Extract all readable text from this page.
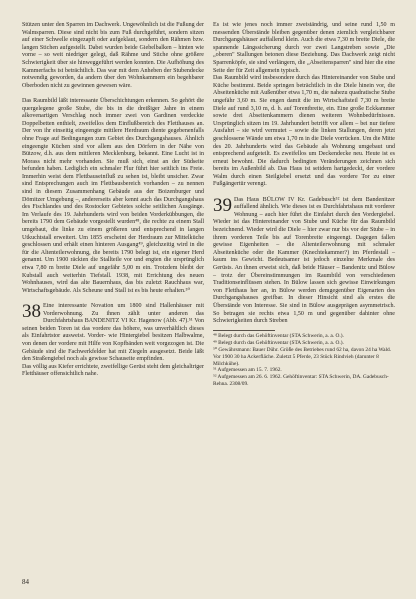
Stützen unter den Sparren im Dachwerk. Ungewöhnlich ist die Fußung der Walmsparren. Diese sind nicht bis zum Fuß durchgeführt, sondern sitzen auf einer Schwelle eingezapft oder aufgeklaut, sondern den Rähmen bzw. langen Stichen aufgestellt. Dabei wurden beide Giebelbalken – hinten wie vorne – so weit niedriger gelegt, daß Rähme und Stiche ohne größere Schwierigkeit über sie hinweggeführt werden konnten. Die Aufhöhung des Kammerfachs ist beträchtlich. Das war mit dem Anheben der Stubendecke notwendig geworden, da andern über den Wohnkammern ein begehbarer Oberboden nicht zu gewinnen gewesen wäre.

Das Raumbild läßt interessante Überschichtungen erkennen. So gehört die quergelegene große Stube, die bis in die dreißiger Jahre in einem alkovenartigen Verschlag noch immer zwei von Gardinen verdeckte Doppelbetten enthielt, zweifellos dem Einflußbereich des Fletthauses an. Der von ihr einseitig eingeengte mittlere Herdraum diente gegebenenfalls ohne Frage auf Bedingungen zum Gebiet des Durchgangshauses. Ähnlich eingeengte Küchen sind vor allem aus den Dörfern in der Nähe von Bützow, d.h. aus dem mittleren Mecklenburg, bekannt. Eine Lucht ist in Morass nicht mehr vorhanden. Sie muß sich, einst an der Südseite befunden haben. Lediglich ein schmaler Flur führt hier seitlich ins Freie. Immerhin weist dem Flettbauseinfluß zu sehen ist, bleibt unsicher. Zwar sind Entsprechungen auch im Flettbausbereich vorhanden – zu nennen sind in diesem Zusammenhang Gebäude aus der Boizenburger und Dömitzer Umgebung –, andererseits aber kennt auch das Durchgangshaus des Fischlandes und des Rostocker Gebietes solche seitlichen Ausgänge. Im Verlaufe des 19. Jahrhunderts wird von beiden Vorderkübbungen, die bereits 1790 dem Gebäude vorgestellt wurden⁴⁸, die rechte zu einem Stall umgebaut, die linke zu einem größeren und entsprechend in langen Utkuchtstall erweitert. Um 1855 erscheint der Herdraum zur Mittelküche geschlossen und erhält einen hinteren Ausgang⁴⁹, gleichzeitig wird in die für die Altenteilerwohnung, die bereits 1790 belegt ist, ein eigener Herd genannt. Um 1900 räckten die Stallteile vor und engten die ursprünglich etwa 7,80 m breite Diele auf ungefähr 5,00 m ein. Trotzdem bleibt der Kubstall auch weiterhin Tiefstall. 1938, mit Errichtung des neuen Wohnhauses, wird das alte Bauernhaus, das bis zuletzt Rauchhaus war, Wirtschaftsgebäude. Als Scheune und Stall ist es bis heute erhalten.⁵⁰

38 Eine interessante Novation um 1800 sind Hallenhäuser mit Vorderwohnung. Zu ihnen zählt unter anderen das Durchfahrtshaus BANDENITZ VI Kr. Hagenow (Abb. 47).⁵¹ Von seinen beiden Toren ist das vordere das höhere, was unverhältlich dieses als Einfahrtstor ausweist. Vorder- wie Hintergiebel besitzen Halbwalme, von denen der vordere mit Hilfe von Kopfbänden weit vorgezogen ist. Die Gebäude sind die Fachwerkfelder hat mit Ziegeln ausgesetzt. Beide läßt den Straßengiebel noch als gewisse Schauseite empfinden.

Das völlig aus Kiefer errichtete, zweifellige Gerüst steht dem gleichaltriger Fletthäuser offensichtlich nahe.

Es ist wie jenes noch immer zweiständrig, und seine rund 1,50 m messenden Überstände bleiben gegenüber denen ziemlich vergleichbarer Durchgangshäuser auffallend klein. Auch die etwa 7,30 m breite Diele, die spannende Längssicherung durch vor zwei Langstreben sowie „Die „oberen" Stallungen betonen diese Beziehung. Das Dachwerk zeigt nicht Sparrenköpfe, sie sind verlängern, die „Abseitensparren" sind hier die eine Seite der für Zeit allgemein typisch.

Das Raumbild wird insbesondere durch das Hintereinander von Stube und Küche bestimmt. Beide springen beträchtlich in die Diele hinein vor, die Abseitenküche mit Außenüber etwa 1,70 m, die nahezu quadratische Stube ungefähr 3,60 m. Sie engen damit die im Wirtschaftsteil 7,30 m breite Diele auf rund 3,10 m, d. h. auf Torentbreite, ein. Eine große Eckkammer sowie drei Abseitenkammern dienen weiteren Wohnbedürfnissen. Ursprünglich sitzen im 19. Jahrhundert betrifft vor allem – bei nur tiefere Ausfahrt – sie wird vermutet – sowie die linken Stallungen, deren jetzt geschlossene Wände um etwa 1,70 m in die Diele vorrücken. Um die Mitte des 20. Jahrhunderts wird das Gebäude als Wohnung umgebaut und entsprechend aufgeteilt. Es zweifellos um Deckendecke neu. Heute ist es erneut bewohnt. Die dadurch bedingten Veränderungen zeichnen sich bereits im Außenbild ab. Das Haus ist seitdem hartgedeckt, der vordere Walm durch einen Steilgiebel ersetzt und das vordere Tor zu einer Fußgängertür verengt.

39 Das Haus BÜLOW IV Kr. Gadebusch⁵² ist dem Bandenitzer auffallend ähnlich. Wie dieses ist es Durchfahrtshaus mit vorderer Wohnung – auch hier führt die Einfahrt durch den Vordergiebel. Wieder ist das Hintereinander von Stube und Küche für das Raumbild bezeichnend. Wieder wird die Diele – hier zwar nur bis vor der Stube – in ihrem vorderen Teile bis auf Torenbreite eingeengt. Dagegen fallen gewisse Eigenheiten – die Altenteilerwohnung mit schmaler Abseitenküche oder die Kammer (Knechtekammer?) im Pferdestall – kaum ins Gewicht. Bedeutsamer ist jedoch einzelne Merkmale des Gerüsts. An ihnen erweist sich, daß beide Häuser – Bandenitz und Bülow – trotz der Übereinstimmungen im Raumbild von verschiedenen Traditionseinflüssen stehen. In Bülow lassen sich gewisse Einwirkungen von Fletthaus her an, in Bülow werden demgegenüber Eigenarten des Durchgangshauses greifbar. In dieser Hinsicht sind als erstes die Überstände von Interesse. Sie sind in Bülow ausgeprägen asymmetrisch. So betragen sie rechts etwa 1,50 m und gegenüber dahinter ohne Schwierigkeiten durch Streben

⁴⁸ Belegt durch das Gehöftinventar (STA Schwerin, a. a. O.).
⁴⁹ Belegt durch das Gehöftinventar (STA Schwerin, a. a. O.).
⁵⁰ Gewährsmann: Bauer Dühr. Größe des Betriebes rund 62 ha, davon 24 ha Wald. Vor 1900 30 ha Ackerfläche. Zuletzt 5 Pferde, 23 Stück Rindvieh (darunter 8 Milchkühe).
⁵¹ Aufgemessen am 15. 7. 1962.
⁵² Aufgemessen am 26. 6. 1962. Gehöftinventar: STA Schwerin, DA. Gadebusch-Rehna. 2308/09.
84
